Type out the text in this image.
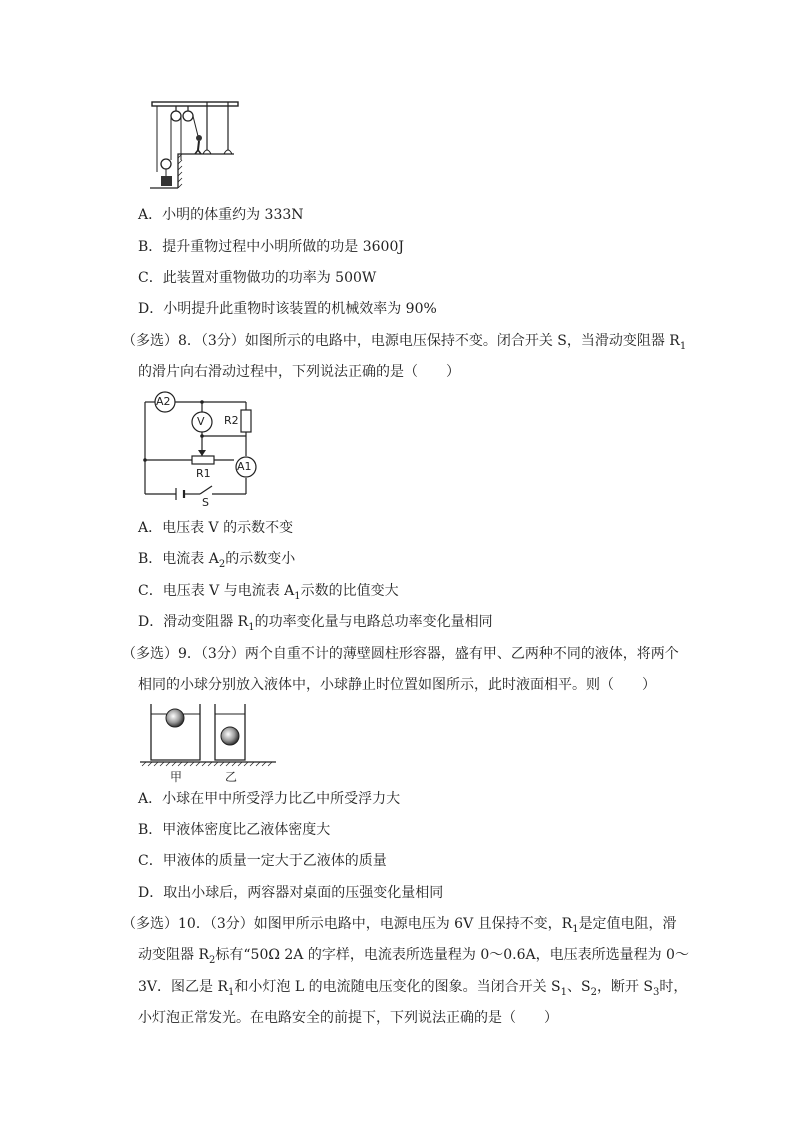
A．小明的体重约为 333N
B．提升重物过程中小明所做的功是 3600J
C．此装置对重物做功的功率为 500W
D．小明提升此重物时该装置的机械效率为 90%
（多选）8．（3分）如图所示的电路中，电源电压保持不变。闭合开关 S，当滑动变阻器 $R_1$
的滑片向右滑动过程中，下列说法正确的是（　　）
A2
V R2
R1
A1
S
A．电压表 V 的示数不变
B．电流表 $A_2$的示数变小
C．电压表 V 与电流表 $A_1$示数的比值变大
D．滑动变阻器 $R_1$的功率变化量与电路总功率变化量相同
（多选）9．（3分）两个自重不计的薄壁圆柱形容器，盛有甲、乙两种不同的液体，将两个
相同的小球分别放入液体中，小球静止时位置如图所示，此时液面相平。则（　　）
甲	乙
A．小球在甲中所受浮力比乙中所受浮力大
B．甲液体密度比乙液体密度大
C．甲液体的质量一定大于乙液体的质量
D．取出小球后，两容器对桌面的压强变化量相同
（多选）10．（3分）如图甲所示电路中，电源电压为 6V 且保持不变，$R_1$是定值电阻，滑
动变阻器 $R_2$标有“50Ω 2A 的字样，电流表所选量程为 0～0.6A，电压表所选量程为 0～
3V．图乙是 $R_1$和小灯泡 L 的电流随电压变化的图象。当闭合开关 $S_1$、$S_2$，断开 $S_3$时，
小灯泡正常发光。在电路安全的前提下，下列说法正确的是（　　）
